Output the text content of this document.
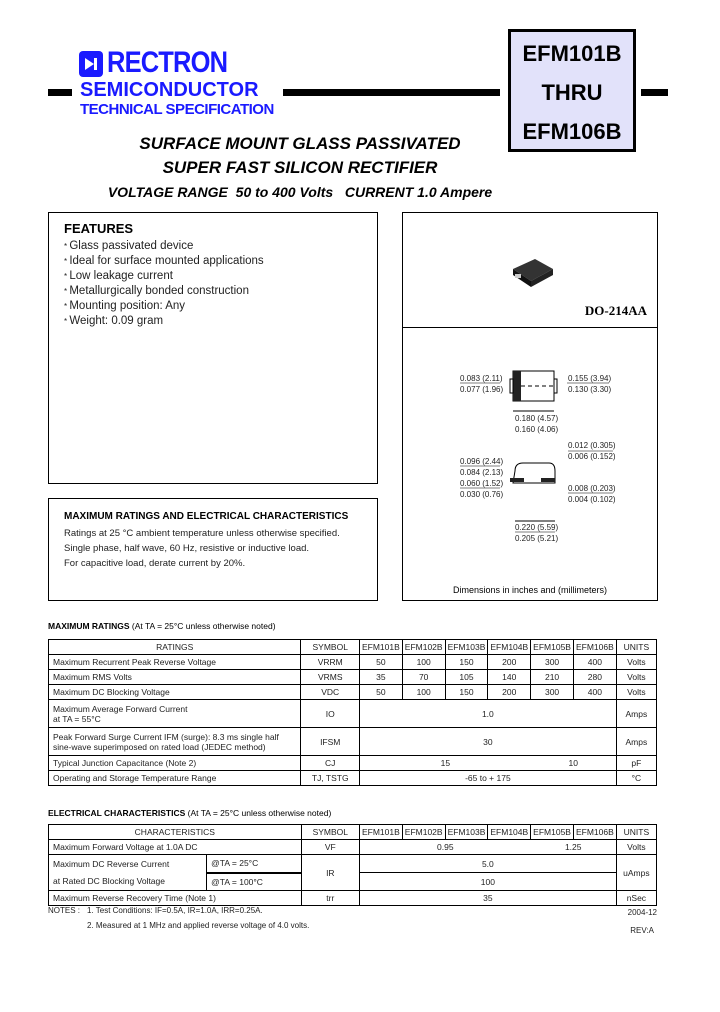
RECTRON
SEMICONDUCTOR
TECHNICAL SPECIFICATION
EFM101B
THRU
EFM106B
SURFACE MOUNT GLASS PASSIVATED
SUPER FAST SILICON RECTIFIER
VOLTAGE RANGE  50 to 400 Volts   CURRENT 1.0 Ampere
FEATURES
* Glass passivated device
* Ideal for surface mounted applications
* Low leakage current
* Metallurgically bonded construction
* Mounting position: Any
* Weight: 0.09 gram
DO-214AA
0.083 (2.11)
0.077 (1.96)
0.155 (3.94)
0.130 (3.30)
0.180 (4.57)
0.160 (4.06)
0.012 (0.305)
0.006 (0.152)
0.096 (2.44)
0.084 (2.13)
0.060 (1.52)
0.030 (0.76)
0.008 (0.203)
0.004 (0.102)
0.220 (5.59)
0.205 (5.21)
Dimensions in inches and (millimeters)
MAXIMUM RATINGS AND ELECTRICAL CHARACTERISTICS
Ratings at 25 °C ambient temperature unless otherwise specified.
Single phase, half wave, 60 Hz, resistive or inductive load.
For capacitive load, derate current by 20%.
MAXIMUM RATINGS (At TA = 25°C unless otherwise noted)
RATINGS	SYMBOL	EFM101B	EFM102B	EFM103B	EFM104B	EFM105B	EFM106B	UNITS
Maximum Recurrent Peak Reverse Voltage	VRRM	50	100	150	200	300	400	Volts
Maximum RMS Volts	VRMS	35	70	105	140	210	280	Volts
Maximum DC Blocking Voltage	VDC	50	100	150	200	300	400	Volts

Maximum Average Forward Current
at TA = 55°C	IO	1.0						Amps

Peak Forward Surge Current IFM (surge): 8.3 ms single half
sine-wave superimposed on rated load (JEDEC method)	IFSM	30						Amps
Typical Junction Capacitance (Note 2)	CJ	15				10		pF
Operating and Storage Temperature Range	TJ, TSTG	-65 to + 175						°C
ELECTRICAL CHARACTERISTICS (At TA = 25°C unless otherwise noted)
CHARACTERISTICS		SYMBOL	EFM101B	EFM102B	EFM103B	EFM104B	EFM105B	EFM106B	UNITS
Maximum Forward Voltage at 1.0A DC		VF	0.95				1.25		Volts
Maximum DC Reverse Current	@TA = 25°C	IR	5.0						uAmps
at Rated DC Blocking Voltage	@TA = 100°C		100						
Maximum Reverse Recovery Time (Note 1)		trr	35						nSec
NOTES : 1. Test Conditions: IF=0.5A, IR=1.0A, IRR=0.25A.
2. Measured at 1 MHz and applied reverse voltage of 4.0 volts.
2004-12
REV:A
